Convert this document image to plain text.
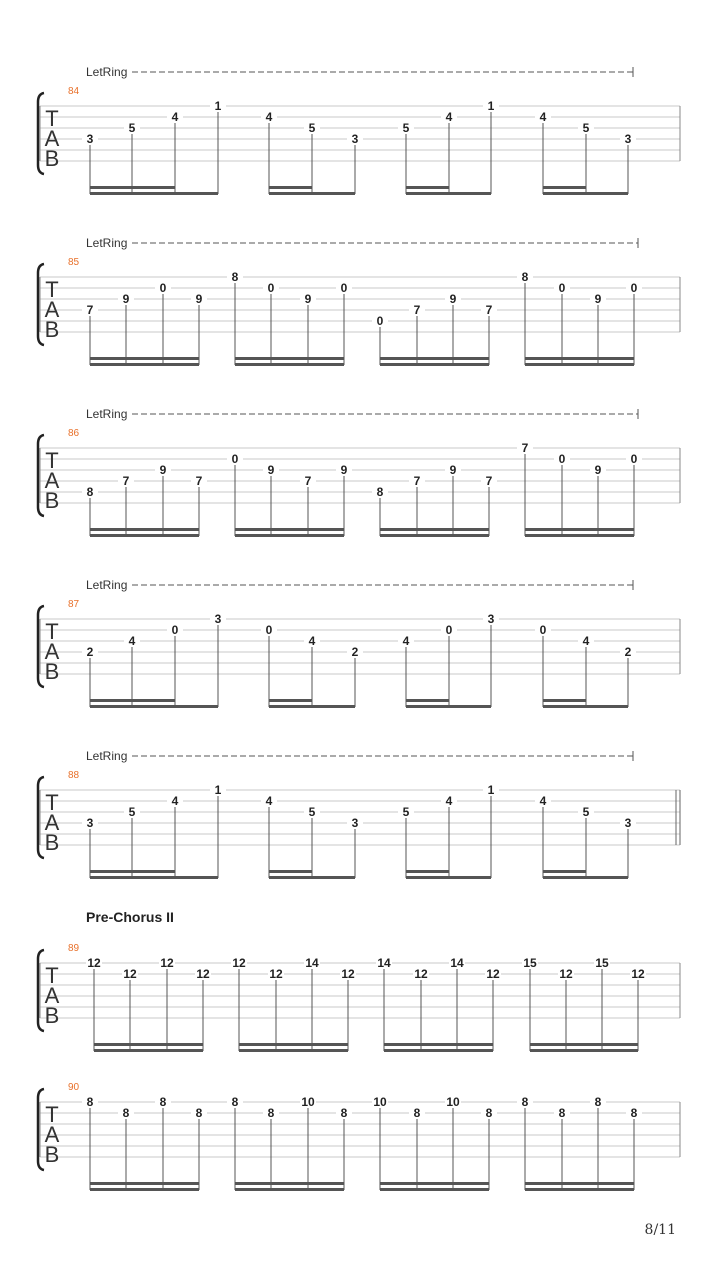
LetRing
84
T
A
B
3
5
4
1
4
5
3
5
4
1
4
5
3
LetRing
85
T
A
B
7
9
0
9
8
0
9
0
0
7
9
7
8
0
9
0
LetRing
86
T
A
B 8
7
9
7
0
9
7
9
8
7
9
7
7
0
9
0
LetRing
87
T
A
B
2
4
0
3
0
4
2
4
0
3
0
4
2
LetRing
88
T
A
B
3
5
4
1
4
5
3
5
4
1
4
5
3
89
T
A
B
12
12
12
12
12
12
14
12
14
12
14
12
15
12
15
12
90
T
A
B
8
8
8
8
8
8
10
8
10
8
10
8
8
8
8
8
Pre-Chorus II
8/11
